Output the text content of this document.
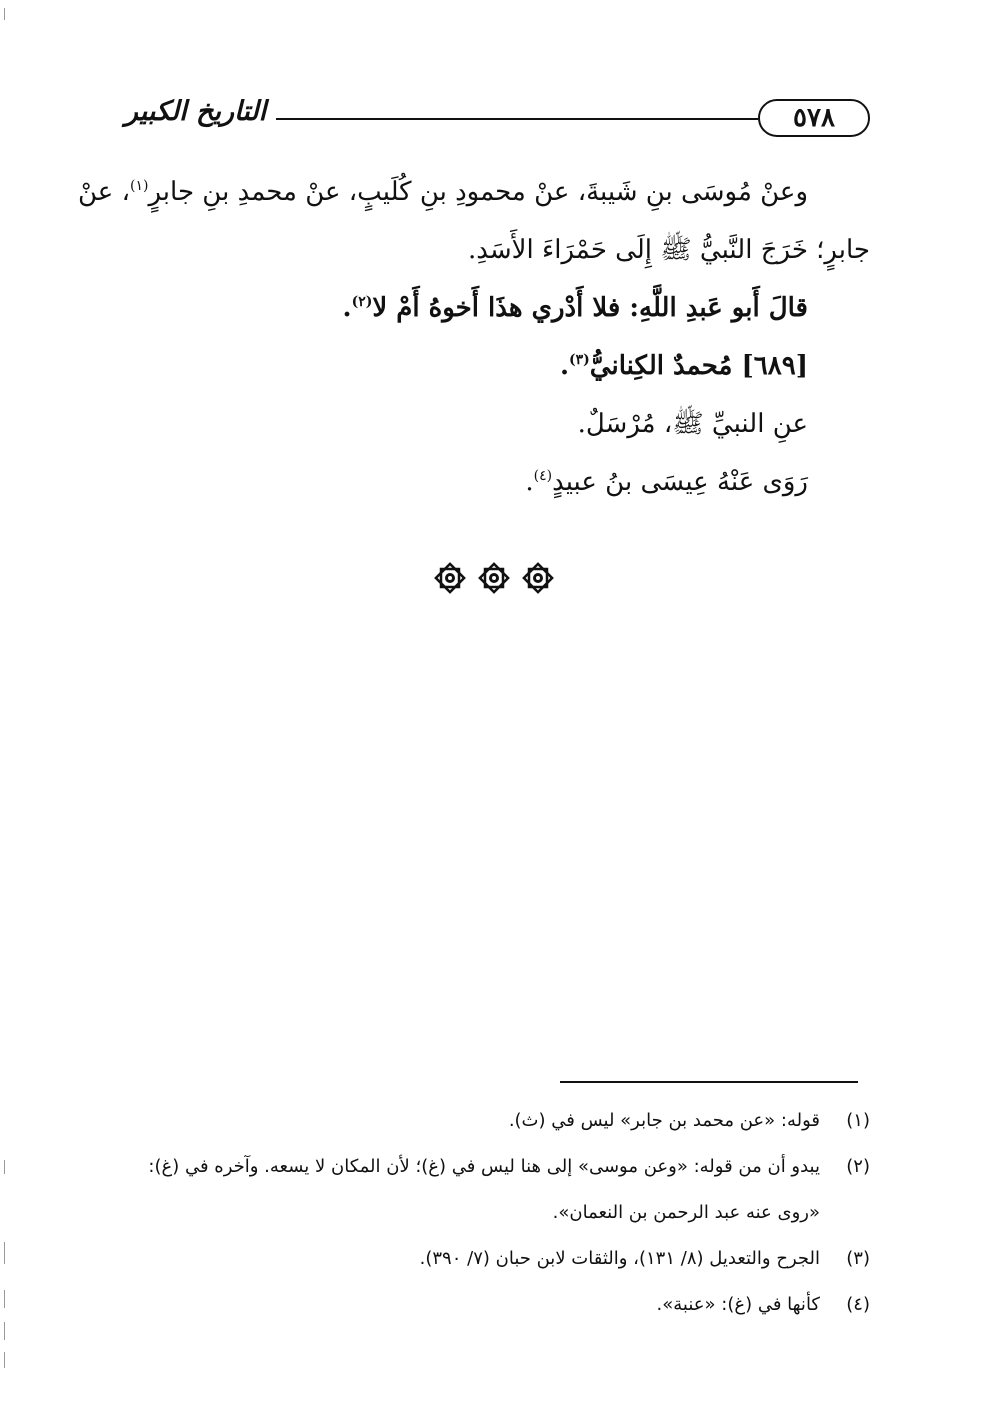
التاريخ الكبير	٥٧٨
وعنْ مُوسَى بنِ شَيبةَ، عنْ محمودِ بنِ كُلَيبٍ، عنْ محمدِ بنِ جابرٍ$^{(١)}$، عنْ
جابرٍ؛ خَرَجَ النَّبيُّ ﷺ إِلَى حَمْرَاءَ الأَسَدِ.
قالَ أَبو عَبدِ اللَّهِ: فلا أَدْري هذَا أَخوهُ أَمْ لا$^{(٢)}$.
[٦٨٩] مُحمدٌ الكِنانيُّ$^{(٣)}$.
عنِ النبيِّ ﷺ، مُرْسَلٌ.
رَوَى عَنْهُ عِيسَى بنُ عبيدٍ$^{(٤)}$.
(١)
قوله: «عن محمد بن جابر» ليس في (ث).
(٢)
يبدو أن من قوله: «وعن موسى» إلى هنا ليس في (غ)؛ لأن المكان لا يسعه. وآخره في (غ):
«روى عنه عبد الرحمن بن النعمان».
(٣)
الجرح والتعديل (٨/ ١٣١)، والثقات لابن حبان (٧/ ٣٩٠).
(٤)
كأنها في (غ): «عنبة».
